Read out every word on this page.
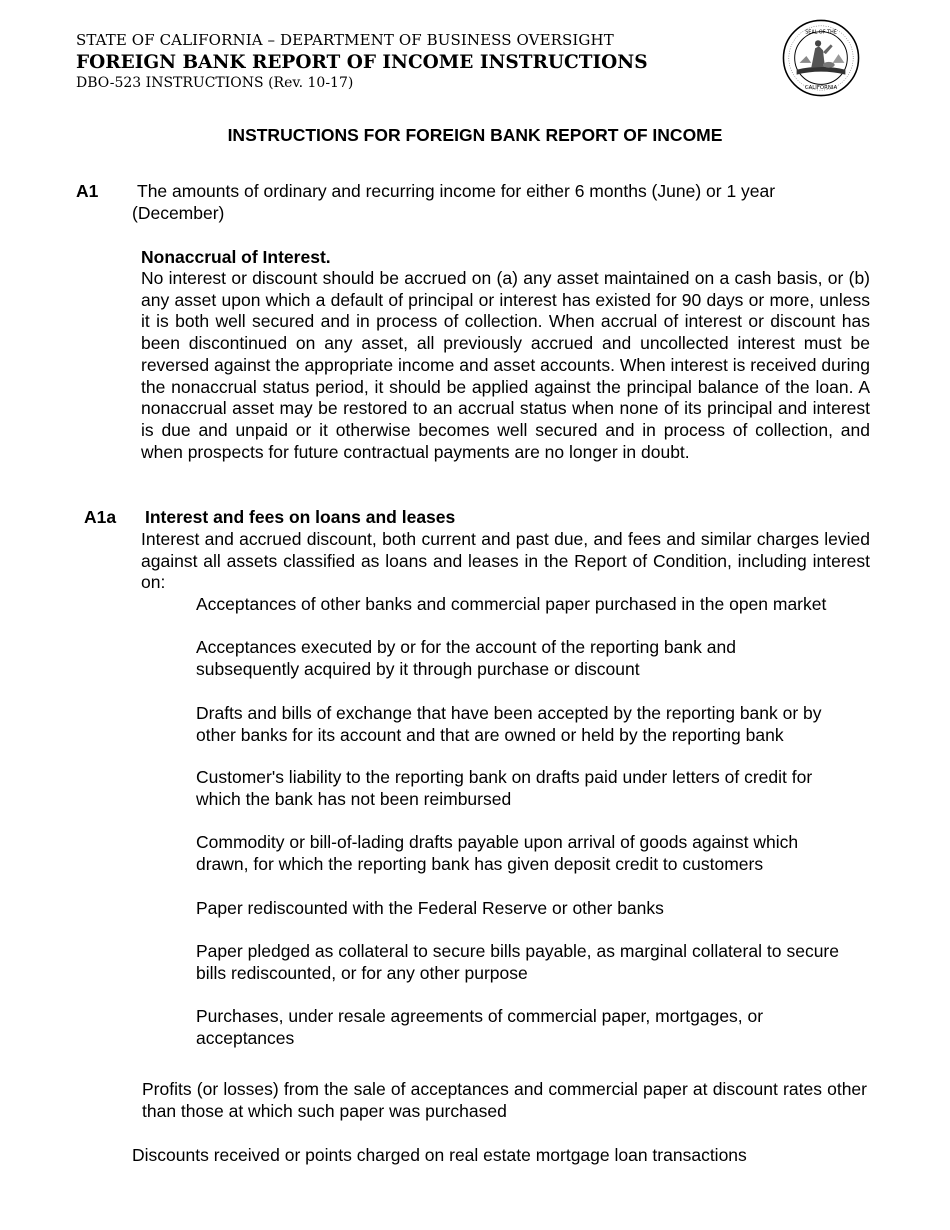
STATE OF CALIFORNIA – DEPARTMENT OF BUSINESS OVERSIGHT
FOREIGN BANK REPORT OF INCOME INSTRUCTIONS
DBO-523 INSTRUCTIONS (Rev. 10-17)
SEAL OF THE
CALIFORNIA
INSTRUCTIONS FOR FOREIGN BANK REPORT OF INCOME
A1 The amounts of ordinary and recurring income for either 6 months (June) or 1 year
(December)
Nonaccrual of Interest.
No interest or discount should be accrued on (a) any asset maintained on a cash basis, or (b) any asset upon which a default of principal or interest has existed for 90 days or more, unless it is both well secured and in process of collection. When accrual of interest or discount has been discontinued on any asset, all previously accrued and uncollected interest must be reversed against the appropriate income and asset accounts. When interest is received during the nonaccrual status period, it should be applied against the principal balance of the loan. A nonaccrual asset may be restored to an accrual status when none of its principal and interest is due and unpaid or it otherwise becomes well secured and in process of collection, and when prospects for future contractual payments are no longer in doubt.
A1a Interest and fees on loans and leases
Interest and accrued discount, both current and past due, and fees and similar charges levied against all assets classified as loans and leases in the Report of Condition, including interest on:
Acceptances of other banks and commercial paper purchased in the open market
Acceptances executed by or for the account of the reporting bank and subsequently acquired by it through purchase or discount
Drafts and bills of exchange that have been accepted by the reporting bank or by other banks for its account and that are owned or held by the reporting bank
Customer's liability to the reporting bank on drafts paid under letters of credit for which the bank has not been reimbursed
Commodity or bill-of-lading drafts payable upon arrival of goods against which drawn, for which the reporting bank has given deposit credit to customers
Paper rediscounted with the Federal Reserve or other banks
Paper pledged as collateral to secure bills payable, as marginal collateral to secure bills rediscounted, or for any other purpose
Purchases, under resale agreements of commercial paper, mortgages, or acceptances
Profits (or losses) from the sale of acceptances and commercial paper at discount rates other than those at which such paper was purchased
Discounts received or points charged on real estate mortgage loan transactions
